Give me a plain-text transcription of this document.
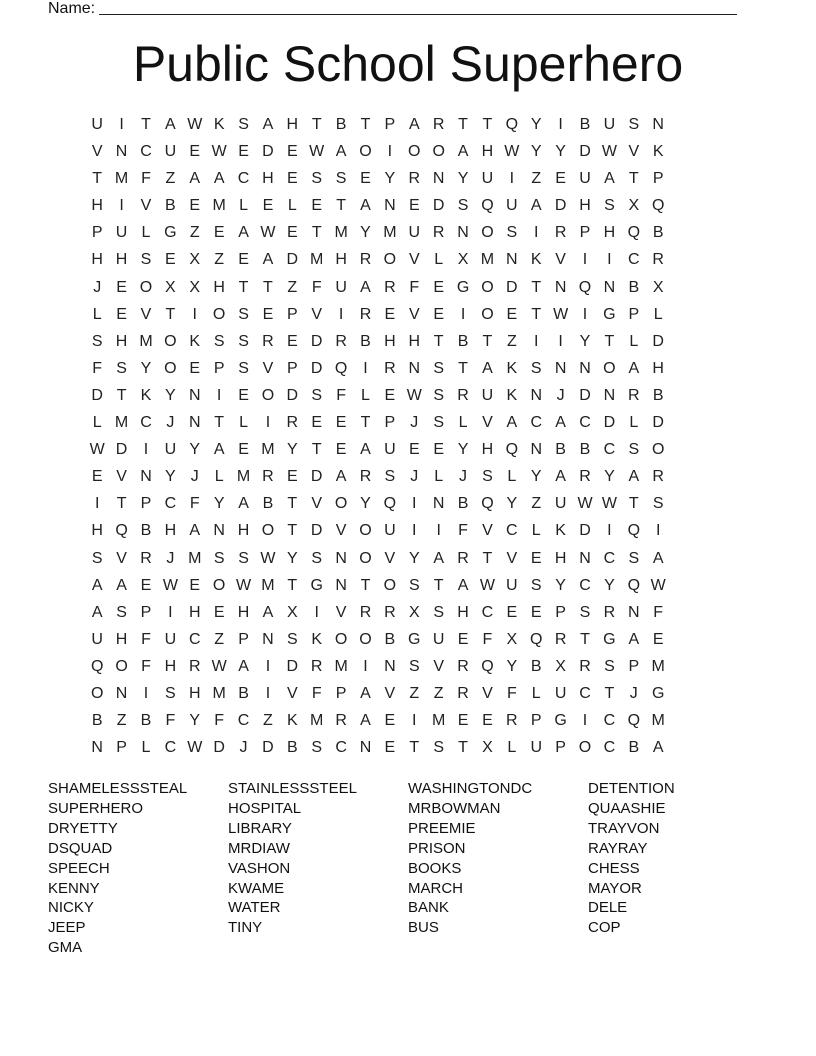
Name:
Public School Superhero
U	I	T A W K S A H T B T P A R T T Q Y	I	B U S N
V N C U E W E D E W A O I O O A H W Y Y D W V K
T M F Z A A C H E S S E Y R N Y U	I	Z E U A T P
H	I	V B E M L E L E T A N E D S Q U A D H S X Q
P U L G Z E A W E T M Y M U R N O S	I	R P H Q B
H H S E X Z E A D M H R O V L X M N K V	I	I	C R
J E O X X H T T Z F U A R F E G O D T N Q N B X
L E V T	I O S E P V	I	R E V E	I O E T W I G P L
S H M O K S S R E D R B H H T B T Z	I	I	Y T L D
F S Y O E P S V P D Q I	R N S T A K S N N O A H
D T K Y N	I	E O D S F L E W S R U K N J D N R B
L M C J N T L	I	R E E T P J S L V A C A C D L D
W D	I	U Y A E M Y T E A U E E Y H Q N B B C S O
E V N Y J L M R E D A R S J L J S L Y A R Y A R
I	T P C F Y A B T V O Y Q I	N B Q Y Z U W W T S
H Q B H A N H O T D V O U	I	I	F V C L K D	I Q I
S V R J M S S W Y S N O V Y A R T V E H N C S A
A A E W E O W M T G N T O S T A W U S Y C Y Q W
A S P	I	H E H A X	I	V R R X S H C E E P S R N F
U H F U C Z P N S K O O B G U E F X Q R T G A E
Q O F H R W A	I	D R M I	N S V R Q Y B X R S P M
O N	I	S H M B	I	V F P A V Z Z R V F L U C T J G
B Z B F Y F C Z K M R A E	I M E E R P G I	C Q M
N P L C W D J D B S C N E T S T X L U P O C B A
SHAMELESSSTEAL
SUPERHERO
DRYETTY
DSQUAD
SPEECH
KENNY
NICKY
JEEP
GMA
STAINLESSSTEEL
HOSPITAL
LIBRARY
MRDIAW
VASHON
KWAME
WATER
TINY
WASHINGTONDC
MRBOWMAN
PREEMIE
PRISON
BOOKS
MARCH
BANK
BUS
DETENTION
QUAASHIE
TRAYVON
RAYRAY
CHESS
MAYOR
DELE
COP
